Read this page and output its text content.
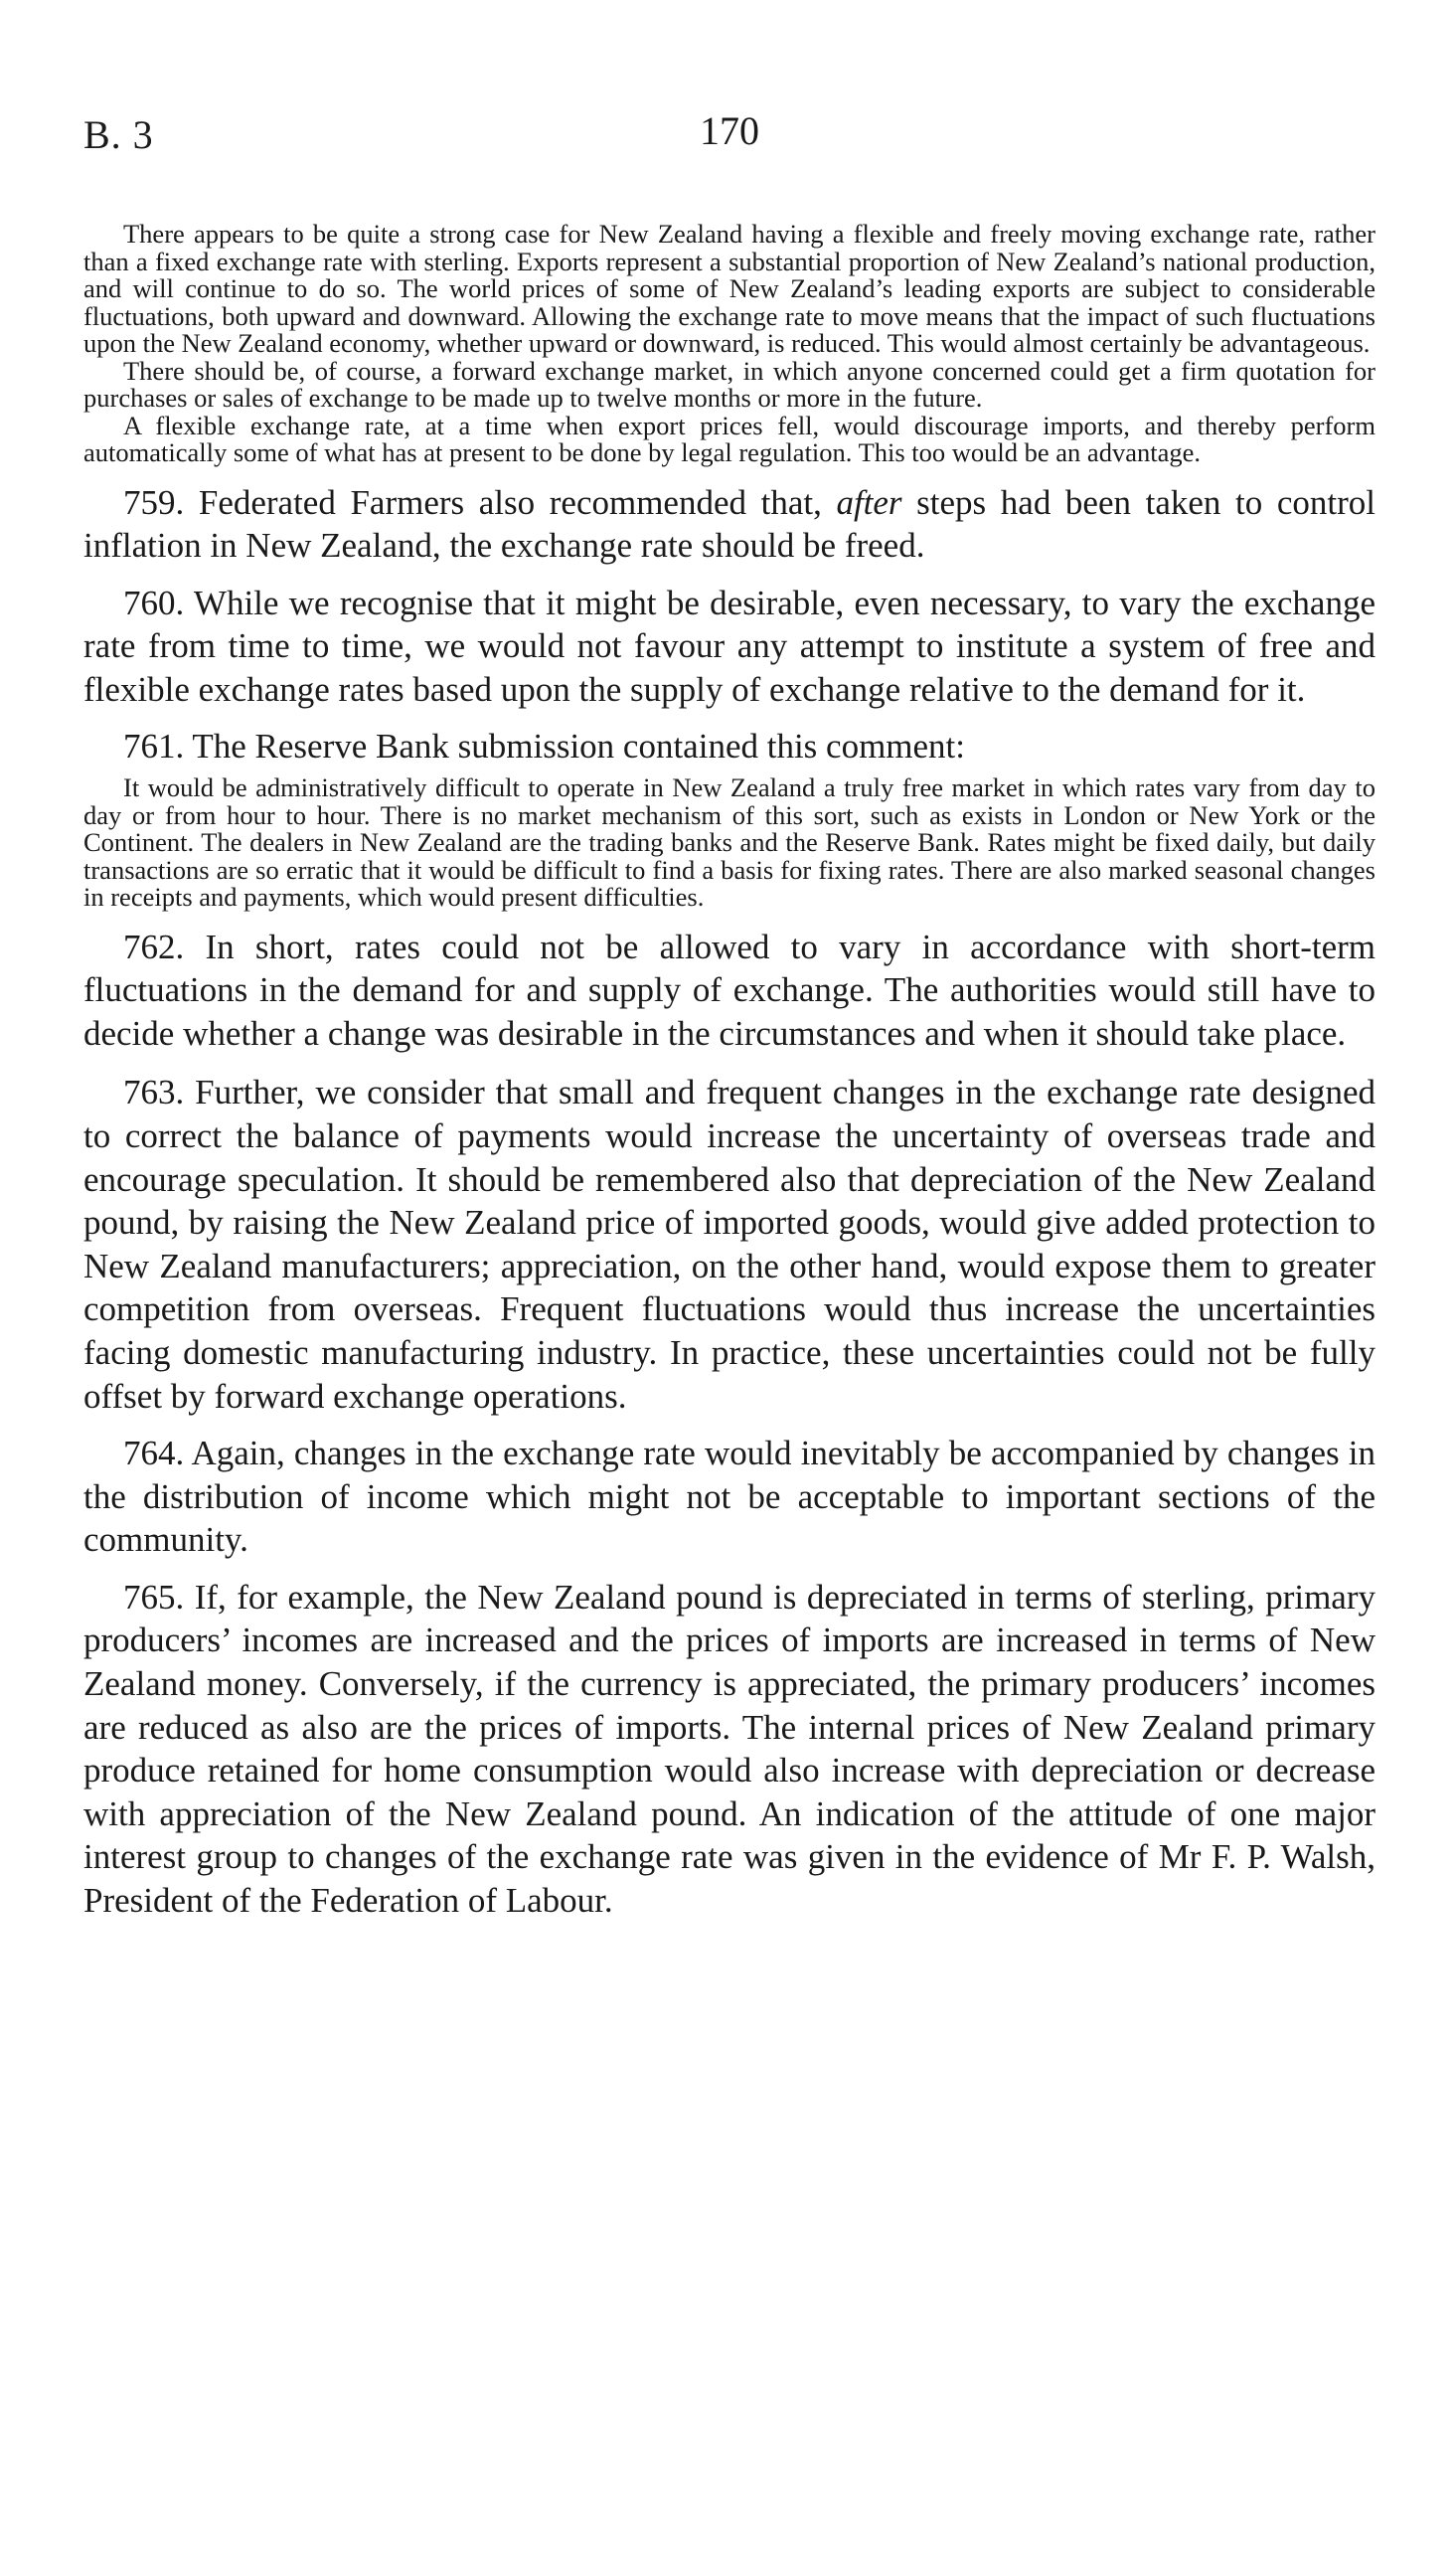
B. 3	170

There appears to be quite a strong case for New Zealand having a flexible and freely moving exchange rate, rather than a fixed exchange rate with sterling. Exports represent a substantial proportion of New Zealand’s national production, and will continue to do so. The world prices of some of New Zealand’s leading exports are subject to considerable fluctuations, both upward and downward. Allowing the exchange rate to move means that the impact of such fluctuations upon the New Zealand economy, whether upward or downward, is reduced. This would almost certainly be advantageous.

There should be, of course, a forward exchange market, in which anyone concerned could get a firm quotation for purchases or sales of exchange to be made up to twelve months or more in the future.

A flexible exchange rate, at a time when export prices fell, would discourage imports, and thereby perform automatically some of what has at present to be done by legal regulation. This too would be an advantage.

759. Federated Farmers also recommended that, after steps had been taken to control inflation in New Zealand, the exchange rate should be freed.

760. While we recognise that it might be desirable, even necessary, to vary the exchange rate from time to time, we would not favour any attempt to institute a system of free and flexible exchange rates based upon the supply of exchange relative to the demand for it.

761. The Reserve Bank submission contained this comment:

It would be administratively difficult to operate in New Zealand a truly free market in which rates vary from day to day or from hour to hour. There is no market mechanism of this sort, such as exists in London or New York or the Continent. The dealers in New Zealand are the trading banks and the Reserve Bank. Rates might be fixed daily, but daily transactions are so erratic that it would be difficult to find a basis for fixing rates. There are also marked seasonal changes in receipts and payments, which would present difficulties.

762. In short, rates could not be allowed to vary in accordance with short-term fluctuations in the demand for and supply of exchange. The authorities would still have to decide whether a change was desirable in the circumstances and when it should take place.

763. Further, we consider that small and frequent changes in the exchange rate designed to correct the balance of payments would increase the uncertainty of overseas trade and encourage speculation. It should be remembered also that depreciation of the New Zealand pound, by raising the New Zealand price of imported goods, would give added protection to New Zealand manufacturers; appreciation, on the other hand, would expose them to greater competition from overseas. Frequent fluctuations would thus increase the uncertainties facing domestic manufacturing industry. In practice, these uncertainties could not be fully offset by forward exchange operations.

764. Again, changes in the exchange rate would inevitably be accompanied by changes in the distribution of income which might not be acceptable to important sections of the community.

765. If, for example, the New Zealand pound is depreciated in terms of sterling, primary producers’ incomes are increased and the prices of imports are increased in terms of New Zealand money. Conversely, if the currency is appreciated, the primary producers’ incomes are reduced as also are the prices of imports. The internal prices of New Zealand primary produce retained for home consumption would also increase with depreciation or decrease with appreciation of the New Zealand pound. An indication of the attitude of one major interest group to changes of the exchange rate was given in the evidence of Mr F. P. Walsh, President of the Federation of Labour.
